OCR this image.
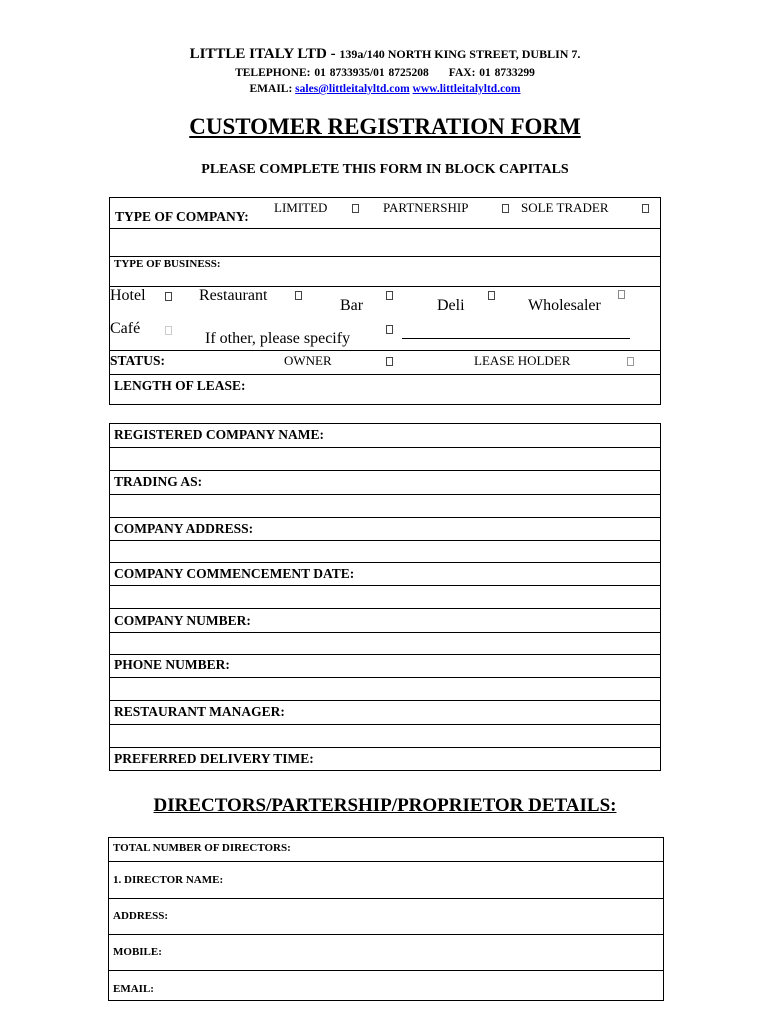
LITTLE ITALY LTD - 139a/140 NORTH KING STREET, DUBLIN 7.
TELEPHONE: 01 8733935/01 8725208 FAX: 01 8733299
EMAIL: sales@littleitalyltd.com www.littleitalyltd.com
CUSTOMER REGISTRATION FORM
PLEASE COMPLETE THIS FORM IN BLOCK CAPITALS
TYPE OF COMPANY:
LIMITED	PARTNERSHIP	SOLE TRADER
TYPE OF BUSINESS:
Hotel	Restaurant
Bar	Deli	Wholesaler
Café
If other, please specify
STATUS:	OWNER	LEASE HOLDER
LENGTH OF LEASE:
REGISTERED COMPANY NAME:
TRADING AS:
COMPANY ADDRESS:
COMPANY COMMENCEMENT DATE:
COMPANY NUMBER:
PHONE NUMBER:
RESTAURANT MANAGER:
PREFERRED DELIVERY TIME:
DIRECTORS/PARTERSHIP/PROPRIETOR DETAILS:
TOTAL NUMBER OF DIRECTORS:
1. DIRECTOR NAME:
ADDRESS:
MOBILE:
EMAIL:
